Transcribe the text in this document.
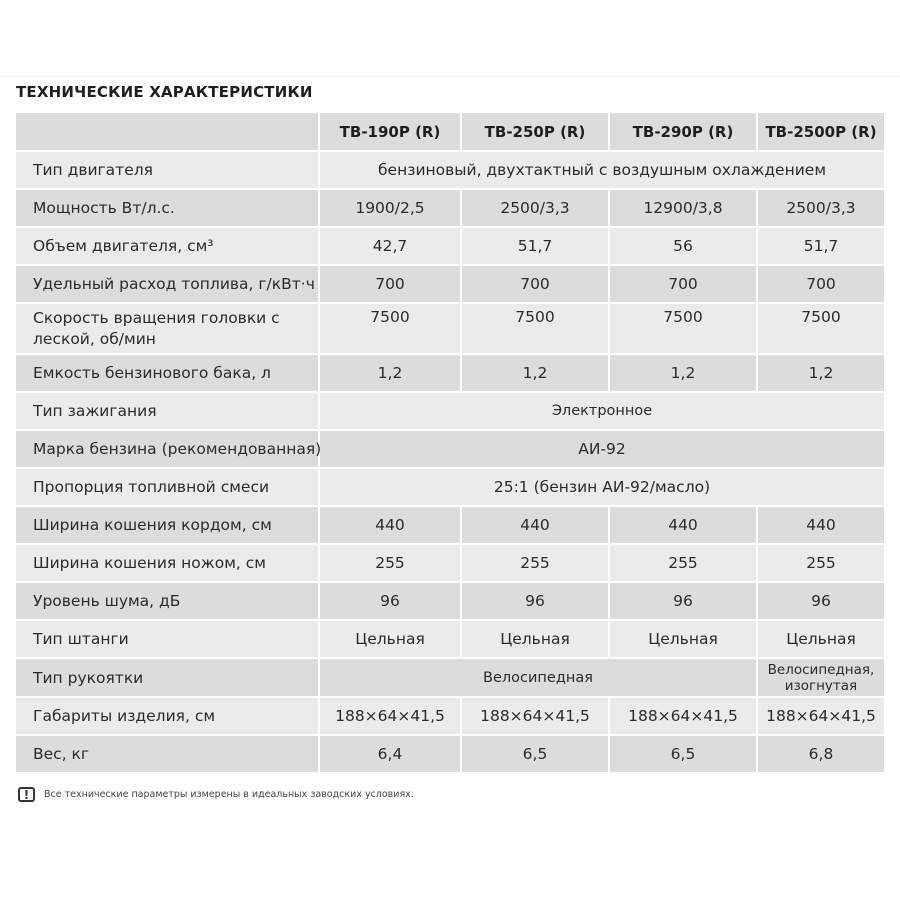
ТЕХНИЧЕСКИЕ ХАРАКТЕРИСТИКИ
	ТВ-190Р (R)	ТВ-250Р (R)	ТВ-290Р (R)	ТВ-2500Р (R)
Тип двигателя	бензиновый, двухтактный с воздушным охлаждением			
Мощность Вт/л.с.	1900/2,5	2500/3,3	12900/3,8	2500/3,3
Объем двигателя, см³	42,7	51,7	56	51,7
Удельный расход топлива, г/кВт·ч	700	700	700	700

Скорость вращения головки с
леской, об/мин	7500	7500	7500	7500
Емкость бензинового бака, л	1,2	1,2	1,2	1,2
Тип зажигания	Электронное			
Марка бензина (рекомендованная)	АИ-92			
Пропорция топливной смеси	25:1 (бензин АИ-92/масло)			
Ширина кошения кордом, см	440	440	440	440
Ширина кошения ножом, см	255	255	255	255
Уровень шума, дБ	96	96	96	96
Тип штанги	Цельная	Цельная	Цельная	Цельная
Тип рукоятки	Велосипедная			Велосипедная,
изогнутая

Габариты изделия, см	188×64×41,5	188×64×41,5	188×64×41,5	188×64×41,5
Вес, кг	6,4	6,5	6,5	6,8
!	Все технические параметры измерены в идеальных заводских условиях.
